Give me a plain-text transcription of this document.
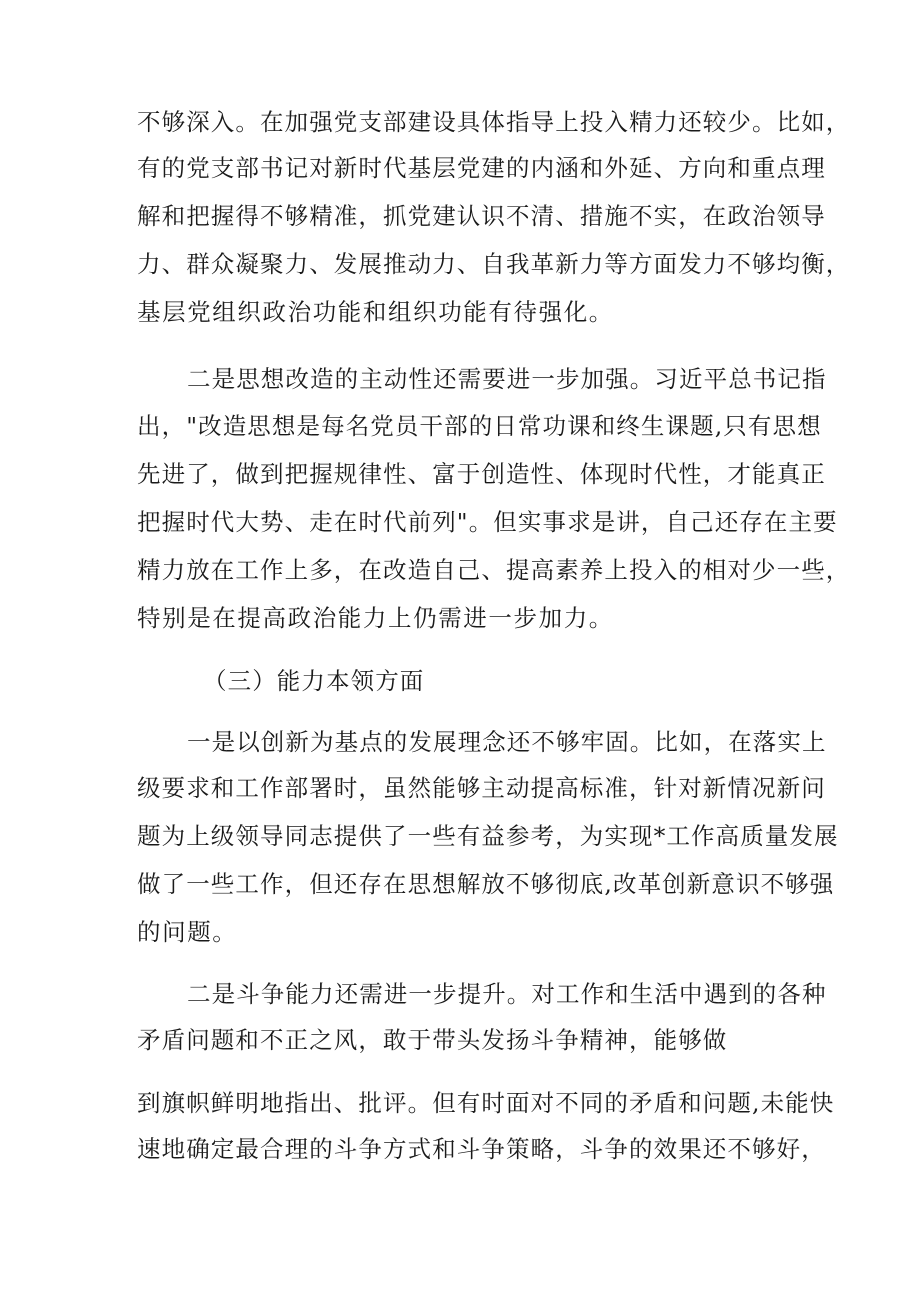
不够深入。在加强党支部建设具体指导上投入精力还较少。比如，

有的党支部书记对新时代基层党建的内涵和外延、方向和重点理

解和把握得不够精准，抓党建认识不清、措施不实，在政治领导

力、群众凝聚力、发展推动力、自我革新力等方面发力不够均衡，

基层党组织政治功能和组织功能有待强化。

二是思想改造的主动性还需要进一步加强。习近平总书记指

出，"改造思想是每名党员干部的日常功课和终生课题,只有思想

先进了，做到把握规律性、富于创造性、体现时代性，才能真正

把握时代大势、走在时代前列"。但实事求是讲，自己还存在主要

精力放在工作上多，在改造自己、提高素养上投入的相对少一些，

特别是在提高政治能力上仍需进一步加力。

（三）能力本领方面

一是以创新为基点的发展理念还不够牢固。比如，在落实上

级要求和工作部署时，虽然能够主动提高标准，针对新情况新问

题为上级领导同志提供了一些有益参考，为实现*工作高质量发展

做了一些工作，但还存在思想解放不够彻底,改革创新意识不够强

的问题。

二是斗争能力还需进一步提升。对工作和生活中遇到的各种

矛盾问题和不正之风，敢于带头发扬斗争精神，能够做

到旗帜鲜明地指出、批评。但有时面对不同的矛盾和问题,未能快

速地确定最合理的斗争方式和斗争策略，斗争的效果还不够好，
